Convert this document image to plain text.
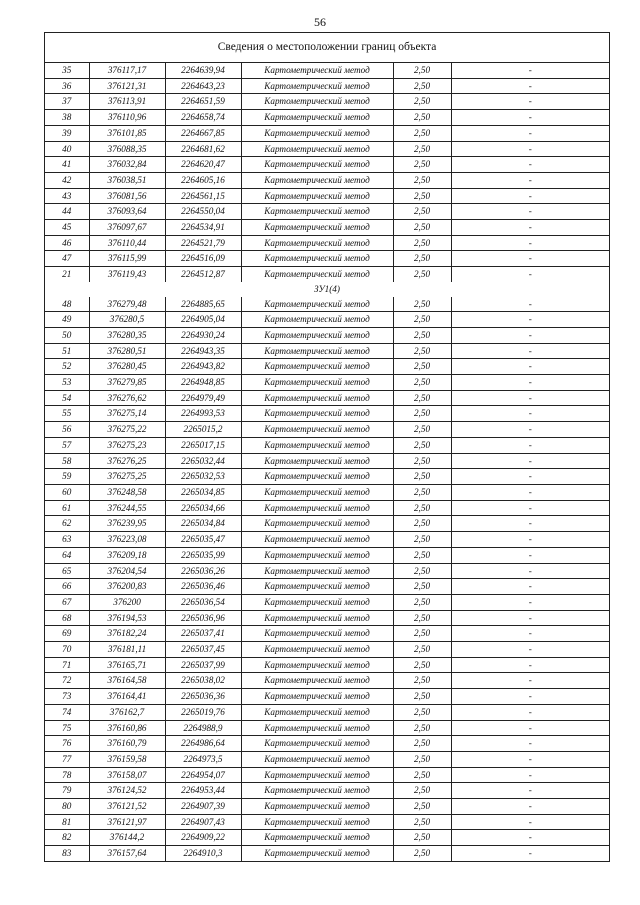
56
Сведения о местоположении границ объекта
35	376117,17	2264639,94	Картометрический метод	2,50	-
36	376121,31	2264643,23	Картометрический метод	2,50	-
37	376113,91	2264651,59	Картометрический метод	2,50	-
38	376110,96	2264658,74	Картометрический метод	2,50	-
39	376101,85	2264667,85	Картометрический метод	2,50	-
40	376088,35	2264681,62	Картометрический метод	2,50	-
41	376032,84	2264620,47	Картометрический метод	2,50	-
42	376038,51	2264605,16	Картометрический метод	2,50	-
43	376081,56	2264561,15	Картометрический метод	2,50	-
44	376093,64	2264550,04	Картометрический метод	2,50	-
45	376097,67	2264534,91	Картометрический метод	2,50	-
46	376110,44	2264521,79	Картометрический метод	2,50	-
47	376115,99	2264516,09	Картометрический метод	2,50	-
21	376119,43	2264512,87	Картометрический метод	2,50	-
ЗУ1(4)					
48	376279,48	2264885,65	Картометрический метод	2,50	-
49	376280,5	2264905,04	Картометрический метод	2,50	-
50	376280,35	2264930,24	Картометрический метод	2,50	-
51	376280,51	2264943,35	Картометрический метод	2,50	-
52	376280,45	2264943,82	Картометрический метод	2,50	-
53	376279,85	2264948,85	Картометрический метод	2,50	-
54	376276,62	2264979,49	Картометрический метод	2,50	-
55	376275,14	2264993,53	Картометрический метод	2,50	-
56	376275,22	2265015,2	Картометрический метод	2,50	-
57	376275,23	2265017,15	Картометрический метод	2,50	-
58	376276,25	2265032,44	Картометрический метод	2,50	-
59	376275,25	2265032,53	Картометрический метод	2,50	-
60	376248,58	2265034,85	Картометрический метод	2,50	-
61	376244,55	2265034,66	Картометрический метод	2,50	-
62	376239,95	2265034,84	Картометрический метод	2,50	-
63	376223,08	2265035,47	Картометрический метод	2,50	-
64	376209,18	2265035,99	Картометрический метод	2,50	-
65	376204,54	2265036,26	Картометрический метод	2,50	-
66	376200,83	2265036,46	Картометрический метод	2,50	-
67	376200	2265036,54	Картометрический метод	2,50	-
68	376194,53	2265036,96	Картометрический метод	2,50	-
69	376182,24	2265037,41	Картометрический метод	2,50	-
70	376181,11	2265037,45	Картометрический метод	2,50	-
71	376165,71	2265037,99	Картометрический метод	2,50	-
72	376164,58	2265038,02	Картометрический метод	2,50	-
73	376164,41	2265036,36	Картометрический метод	2,50	-
74	376162,7	2265019,76	Картометрический метод	2,50	-
75	376160,86	2264988,9	Картометрический метод	2,50	-
76	376160,79	2264986,64	Картометрический метод	2,50	-
77	376159,58	2264973,5	Картометрический метод	2,50	-
78	376158,07	2264954,07	Картометрический метод	2,50	-
79	376124,52	2264953,44	Картометрический метод	2,50	-
80	376121,52	2264907,39	Картометрический метод	2,50	-
81	376121,97	2264907,43	Картометрический метод	2,50	-
82	376144,2	2264909,22	Картометрический метод	2,50	-
83	376157,64	2264910,3	Картометрический метод	2,50	-
